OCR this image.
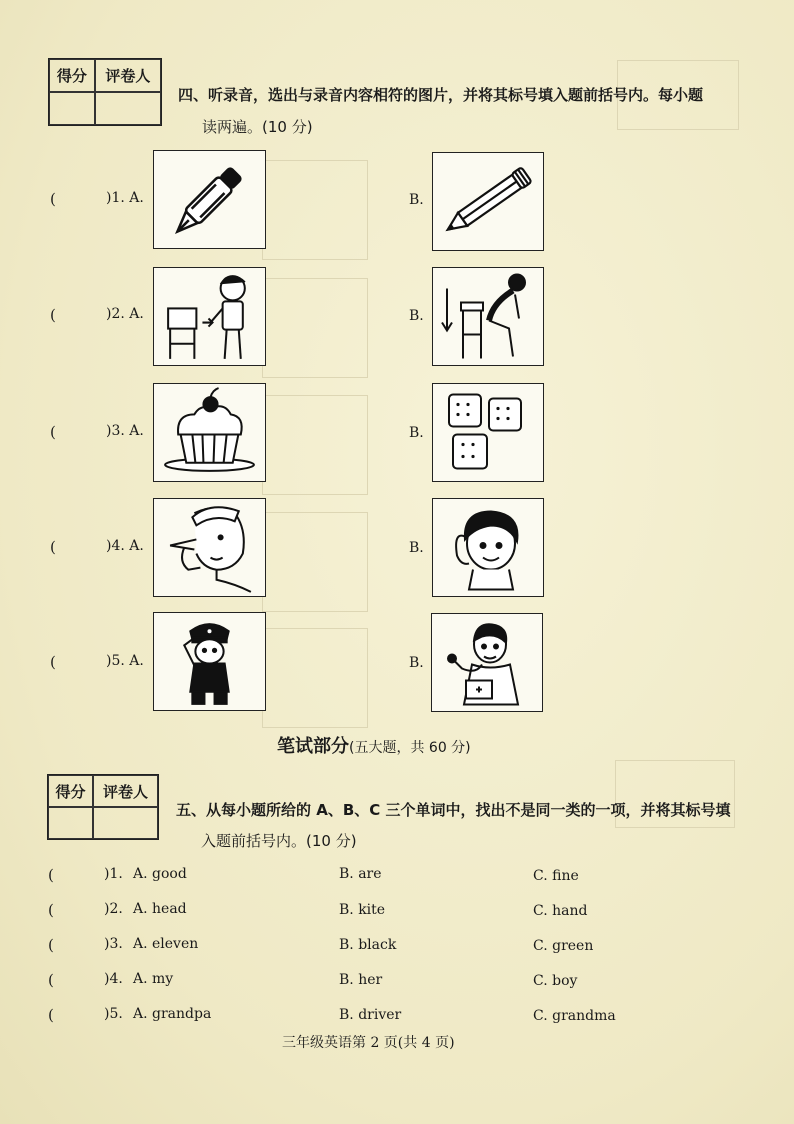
得分	评卷人
四、听录音，选出与录音内容相符的图片，并将其标号填入题前括号内。每小题
读两遍。(10 分)
(	)1. A.	B.
(	)2. A.	B.
(	)3. A.	B.
(	)4. A.	B.
(	)5. A.	B.
笔试部分(五大题，共 60 分)
得分	评卷人
五、从每小题所给的 A、B、C 三个单词中，找出不是同一类的一项，并将其标号填
入题前括号内。(10 分)
(	)1. A. good	B. are	C. fine
(	)2. A. head	B. kite	C. hand
(	)3. A. eleven	B. black	C. green
(	)4. A. my	B. her	C. boy
(	)5. A. grandpa	B. driver	C. grandma
三年级英语第 2 页(共 4 页)
